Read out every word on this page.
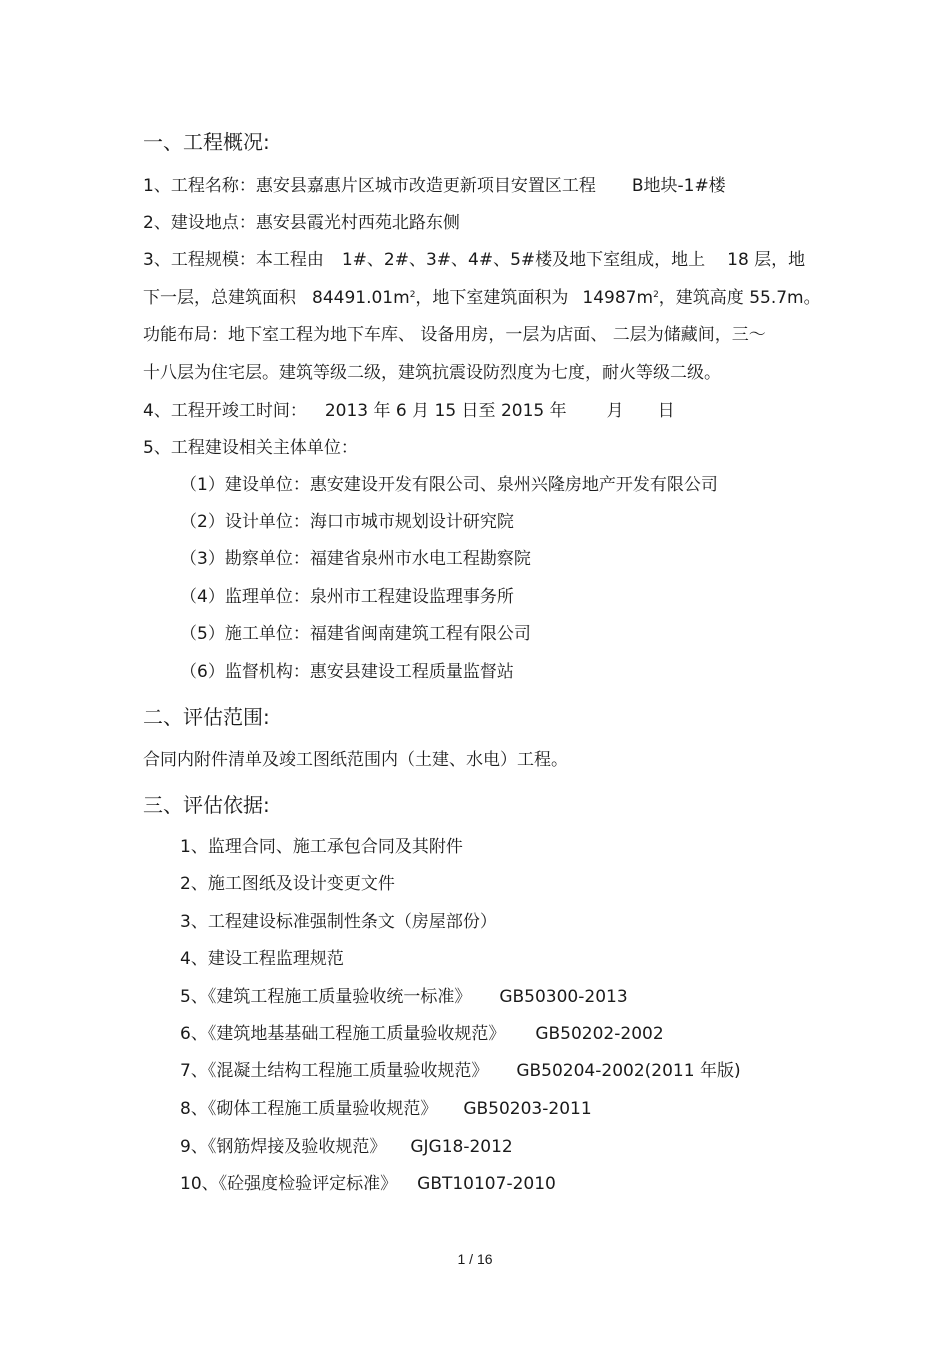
一、工程概况:
1、工程名称：惠安县嘉惠片区城市改造更新项目安置区工程 B地块-1#楼
2、建设地点：惠安县霞光村西苑北路东侧
3、工程规模：本工程由 1#、2#、3#、4#、5#楼及地下室组成，地上 18 层，地
下一层，总建筑面积 $84491.01m^2$，地下室建筑面积为 $14987m^2$，建筑高度 55.7m。
功能布局：地下室工程为地下车库、 设备用房，一层为店面、 二层为储藏间，三～
十八层为住宅层。建筑等级二级，建筑抗震设防烈度为七度，耐火等级二级。
4、工程开竣工时间： 2013 年 6 月 15 日至 2015 年 月 日
5、工程建设相关主体单位：
（1）建设单位：惠安建设开发有限公司、泉州兴隆房地产开发有限公司
（2）设计单位：海口市城市规划设计研究院
（3）勘察单位：福建省泉州市水电工程勘察院
（4）监理单位：泉州市工程建设监理事务所
（5）施工单位：福建省闽南建筑工程有限公司
（6）监督机构：惠安县建设工程质量监督站
二、评估范围:
合同内附件清单及竣工图纸范围内（土建、水电）工程。
三、评估依据:
1、监理合同、施工承包合同及其附件
2、施工图纸及设计变更文件
3、工程建设标准强制性条文（房屋部份）
4、建设工程监理规范
5、《建筑工程施工质量验收统一标准》 GB50300-2013
6、《建筑地基基础工程施工质量验收规范》 GB50202-2002
7、《混凝土结构工程施工质量验收规范》 GB50204-2002(2011 年版)
8、《砌体工程施工质量验收规范》 GB50203-2011
9、《钢筋焊接及验收规范》 GJG18-2012
10、《砼强度检验评定标准》 GBT10107-2010
1 / 16
